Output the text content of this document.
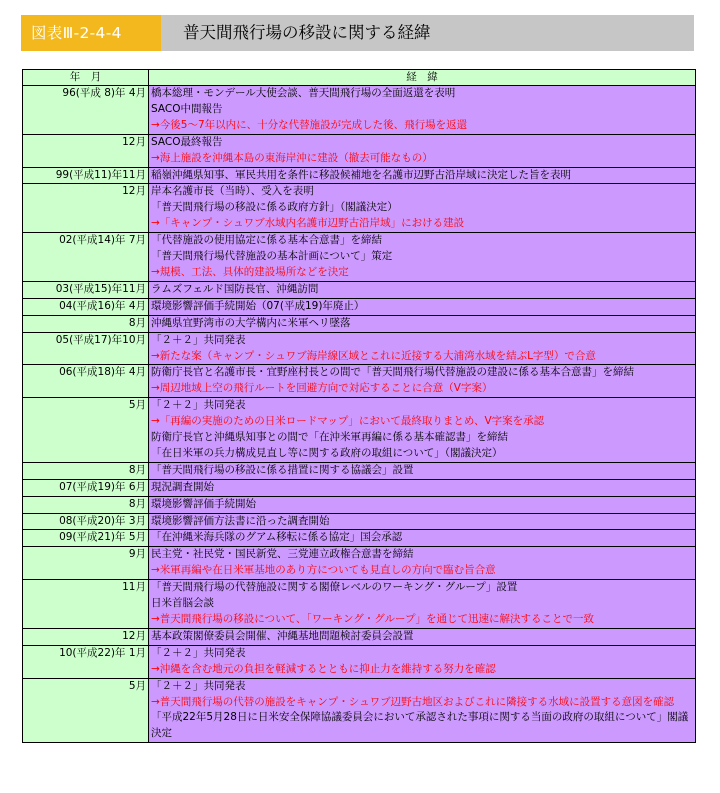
図表Ⅲ-2-4-4	普天間飛行場の移設に関する経緯
年　月	経　緯
96(平成 8)年 4月	橋本総理・モンデール大使会談、普天間飛行場の全面返還を表明
SACO中間報告
→今後5～7年以内に、十分な代替施設が完成した後、飛行場を返還

12月	SACO最終報告
→海上施設を沖縄本島の東海岸沖に建設（撤去可能なもの）

99(平成11)年11月	稲嶺沖縄県知事、軍民共用を条件に移設候補地を名護市辺野古沿岸域に決定した旨を表明

12月	岸本名護市長（当時）、受入を表明
「普天間飛行場の移設に係る政府方針」（閣議決定）
→「キャンプ・シュワブ水域内名護市辺野古沿岸域」における建設

02(平成14)年 7月	「代替施設の使用協定に係る基本合意書」を締結
「普天間飛行場代替施設の基本計画について」策定
→規模、工法、具体的建設場所などを決定

03(平成15)年11月	ラムズフェルド国防長官、沖縄訪問

04(平成16)年 4月	環境影響評価手続開始（07(平成19)年廃止）

8月	沖縄県宜野湾市の大学構内に米軍ヘリ墜落

05(平成17)年10月	「２＋２」共同発表
→新たな案（キャンプ・シュワブ海岸線区域とこれに近接する大浦湾水域を結ぶL字型）で合意

06(平成18)年 4月	防衛庁長官と名護市長・宜野座村長との間で「普天間飛行場代替施設の建設に係る基本合意書」を締結
→周辺地域上空の飛行ルートを回避方向で対応することに合意（V字案）

5月	「２＋２」共同発表
→「再編の実施のための日米ロードマップ」において最終取りまとめ、V字案を承認
防衛庁長官と沖縄県知事との間で「在沖米軍再編に係る基本確認書」を締結
「在日米軍の兵力構成見直し等に関する政府の取組について」（閣議決定）

8月	「普天間飛行場の移設に係る措置に関する協議会」設置

07(平成19)年 6月	現況調査開始

8月	環境影響評価手続開始

08(平成20)年 3月	環境影響評価方法書に沿った調査開始

09(平成21)年 5月	「在沖縄米海兵隊のグアム移転に係る協定」国会承認

9月	民主党・社民党・国民新党、三党連立政権合意書を締結
→米軍再編や在日米軍基地のあり方についても見直しの方向で臨む旨合意

11月	「普天間飛行場の代替施設に関する閣僚レベルのワーキング・グループ」設置
日米首脳会談
→普天間飛行場の移設について、「ワーキング・グループ」を通じて迅速に解決することで一致

12月	基本政策閣僚委員会開催、沖縄基地問題検討委員会設置

10(平成22)年 1月	「２＋２」共同発表
→沖縄を含む地元の負担を軽減するとともに抑止力を維持する努力を確認

5月	「２＋２」共同発表
→普天間飛行場の代替の施設をキャンプ・シュワブ辺野古地区およびこれに隣接する水域に設置する意図を確認
「平成22年5月28日に日米安全保障協議委員会において承認された事項に関する当面の政府の取組について」閣議決定
